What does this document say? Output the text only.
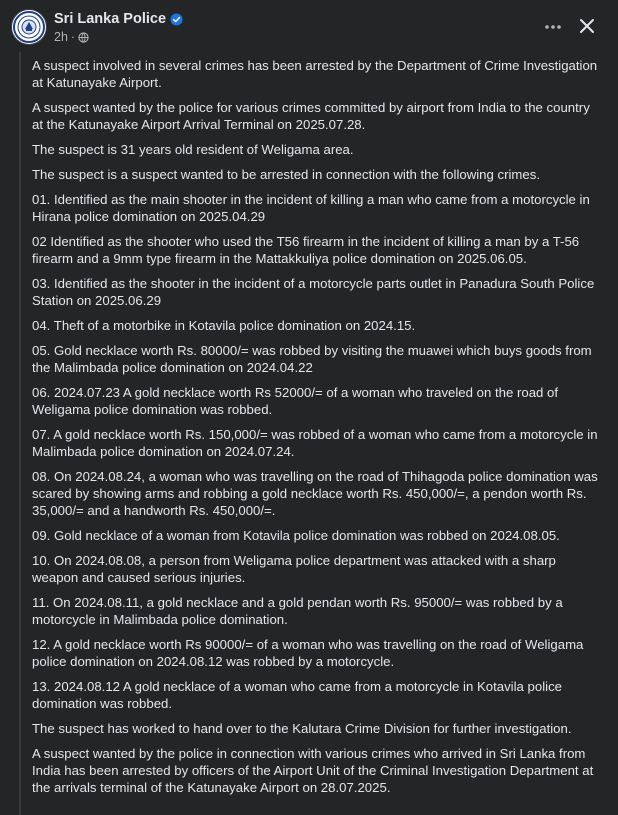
Sri Lanka Police
2h ·

A suspect involved in several crimes has been arrested by the Department of Crime Investigation at Katunayake Airport.

A suspect wanted by the police for various crimes committed by airport from India to the country at the Katunayake Airport Arrival Terminal on 2025.07.28.

The suspect is 31 years old resident of Weligama area.

The suspect is a suspect wanted to be arrested in connection with the following crimes.

01. Identified as the main shooter in the incident of killing a man who came from a motorcycle in Hirana police domination on 2025.04.29

02 Identified as the shooter who used the T56 firearm in the incident of killing a man by a T-56 firearm and a 9mm type firearm in the Mattakkuliya police domination on 2025.06.05.

03. Identified as the shooter in the incident of a motorcycle parts outlet in Panadura South Police Station on 2025.06.29

04. Theft of a motorbike in Kotavila police domination on 2024.15.

05. Gold necklace worth Rs. 80000/= was robbed by visiting the muawei which buys goods from the Malimbada police domination on 2024.04.22

06. 2024.07.23 A gold necklace worth Rs 52000/= of a woman who traveled on the road of Weligama police domination was robbed.

07. A gold necklace worth Rs. 150,000/= was robbed of a woman who came from a motorcycle in Malimbada police domination on 2024.07.24.

08. On 2024.08.24, a woman who was travelling on the road of Thihagoda police domination was scared by showing arms and robbing a gold necklace worth Rs. 450,000/=, a pendon worth Rs. 35,000/= and a handworth Rs. 450,000/=.

09. Gold necklace of a woman from Kotavila police domination was robbed on 2024.08.05.

10. On 2024.08.08, a person from Weligama police department was attacked with a sharp weapon and caused serious injuries.

11. On 2024.08.11, a gold necklace and a gold pendan worth Rs. 95000/= was robbed by a motorcycle in Malimbada police domination.

12. A gold necklace worth Rs 90000/= of a woman who was travelling on the road of Weligama police domination on 2024.08.12 was robbed by a motorcycle.

13. 2024.08.12 A gold necklace of a woman who came from a motorcycle in Kotavila police domination was robbed.

The suspect has worked to hand over to the Kalutara Crime Division for further investigation.

A suspect wanted by the police in connection with various crimes who arrived in Sri Lanka from India has been arrested by officers of the Airport Unit of the Criminal Investigation Department at the arrivals terminal of the Katunayake Airport on 28.07.2025.
